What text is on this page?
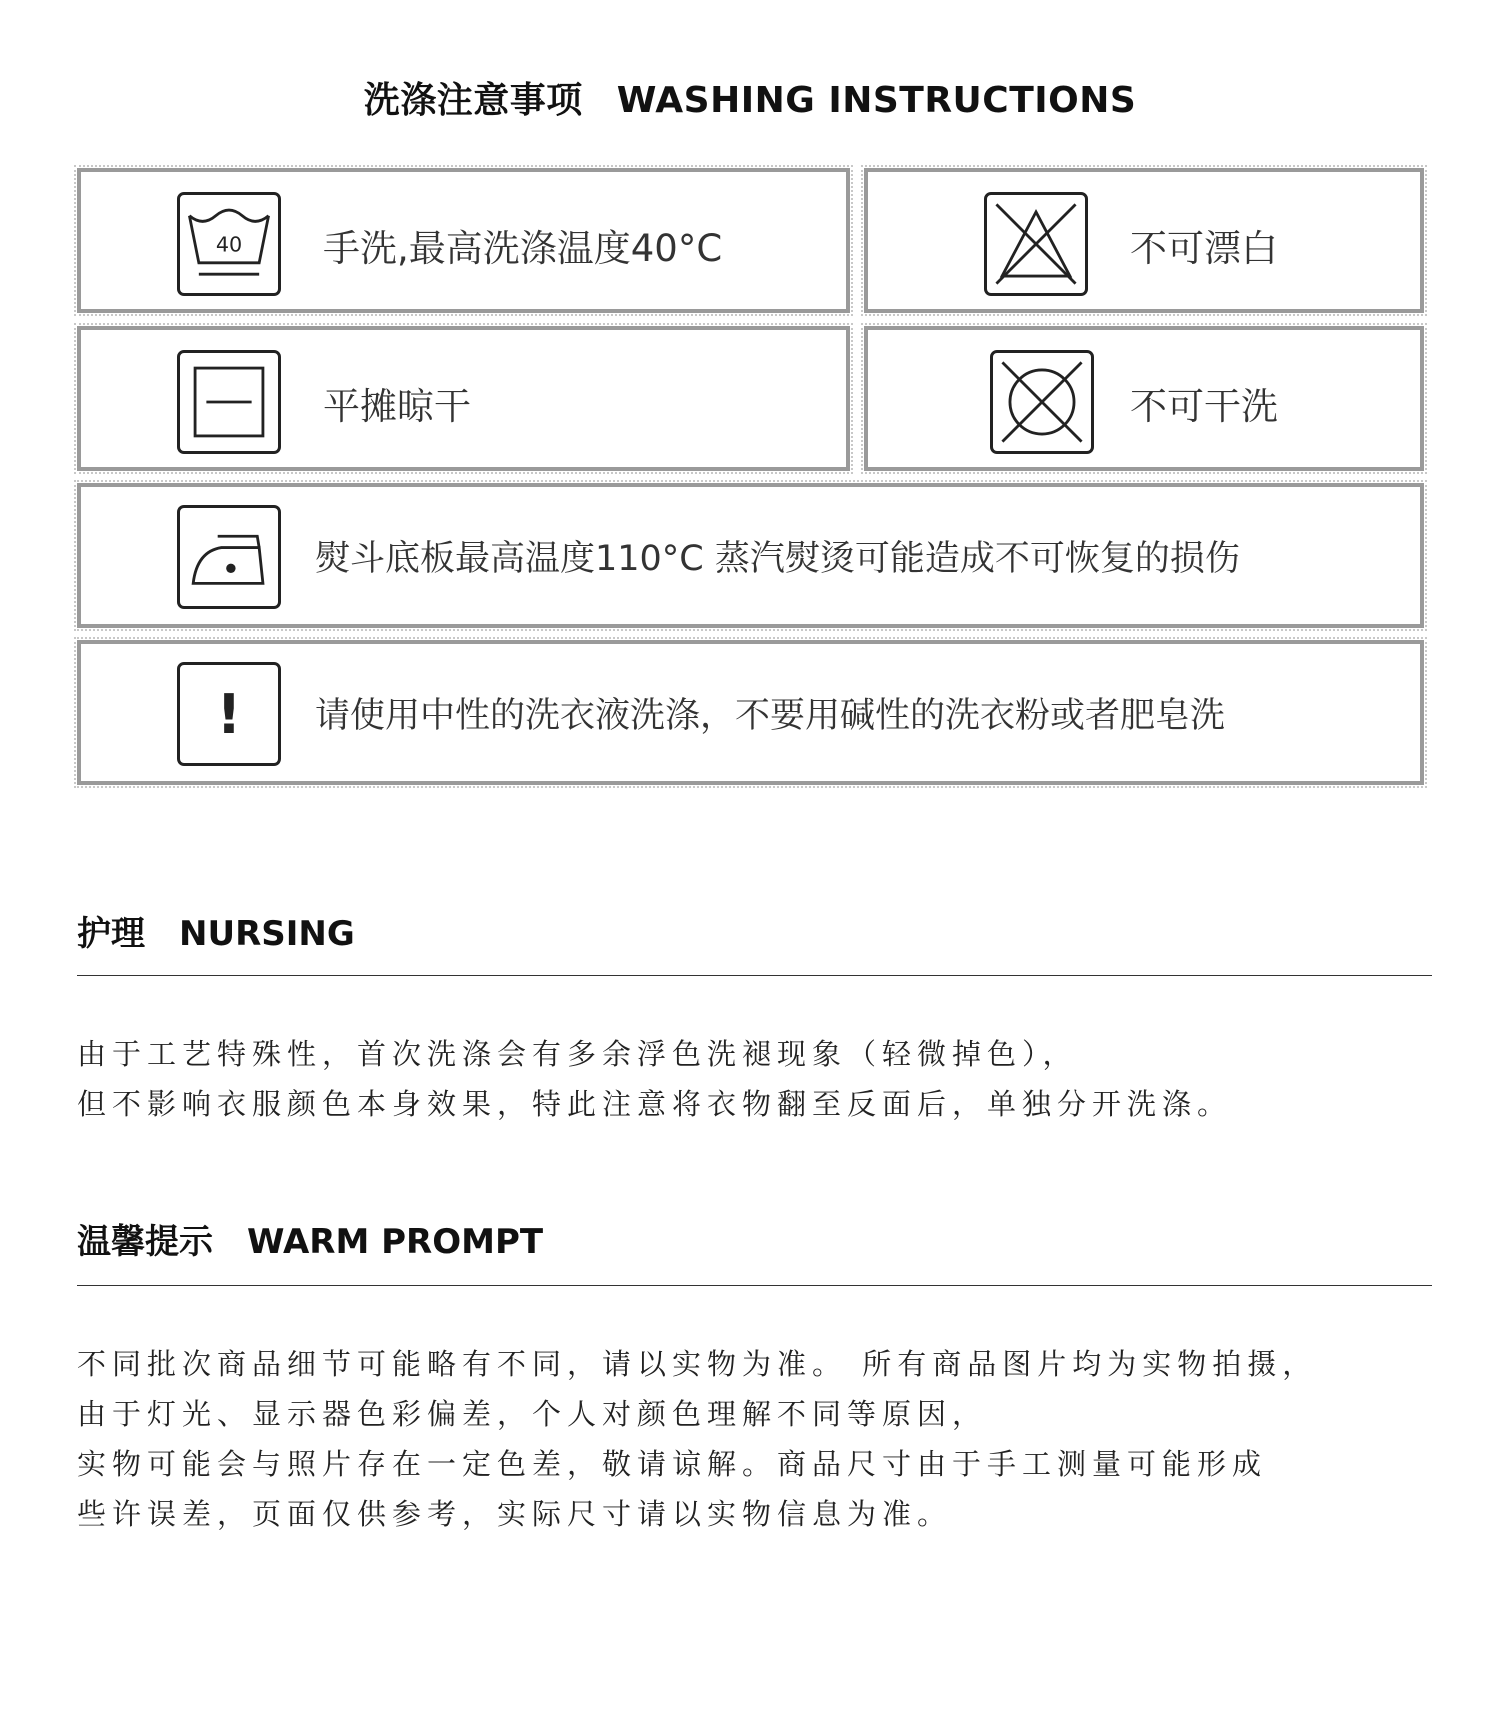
洗涤注意事项 WASHING INSTRUCTIONS
40 手洗,最高洗涤温度40°C	不可漂白
平摊晾干	不可干洗
熨斗底板最高温度110°C 蒸汽熨烫可能造成不可恢复的损伤
! 请使用中性的洗衣液洗涤，不要用碱性的洗衣粉或者肥皂洗
护理 NURSING
由于工艺特殊性，首次洗涤会有多余浮色洗褪现象（轻微掉色），
但不影响衣服颜色本身效果，特此注意将衣物翻至反面后，单独分开洗涤。
温馨提示 WARM PROMPT
不同批次商品细节可能略有不同，请以实物为准。 所有商品图片均为实物拍摄，
由于灯光、显示器色彩偏差，个人对颜色理解不同等原因，
实物可能会与照片存在一定色差，敬请谅解。商品尺寸由于手工测量可能形成
些许误差，页面仅供参考，实际尺寸请以实物信息为准。
